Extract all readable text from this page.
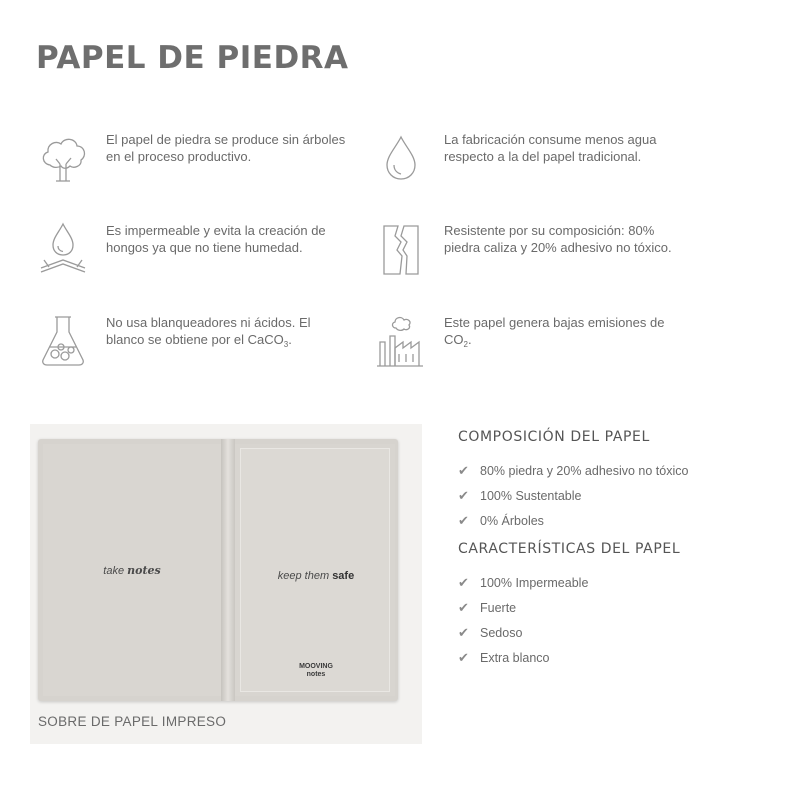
PAPEL DE PIEDRA
El papel de piedra se produce sin árboles en el proceso productivo.
La fabricación consume menos agua respecto a la del papel tradicional.
Es impermeable y evita la creación de hongos ya que no tiene humedad.
Resistente por su composición: 80% piedra caliza y 20% adhesivo no tóxico.
No usa blanqueadores ni ácidos. El blanco se obtiene por el CaCO$_3$.
Este papel genera bajas emisiones de $CO_2$.
take notes	keep them safe
MOOVING
notes
SOBRE DE PAPEL IMPRESO
COMPOSICIÓN DEL PAPEL
✔ 80% piedra y 20% adhesivo no tóxico
✔ 100% Sustentable
✔ 0% Árboles
CARACTERÍSTICAS DEL PAPEL
✔ 100% Impermeable
✔ Fuerte
✔ Sedoso
✔ Extra blanco
